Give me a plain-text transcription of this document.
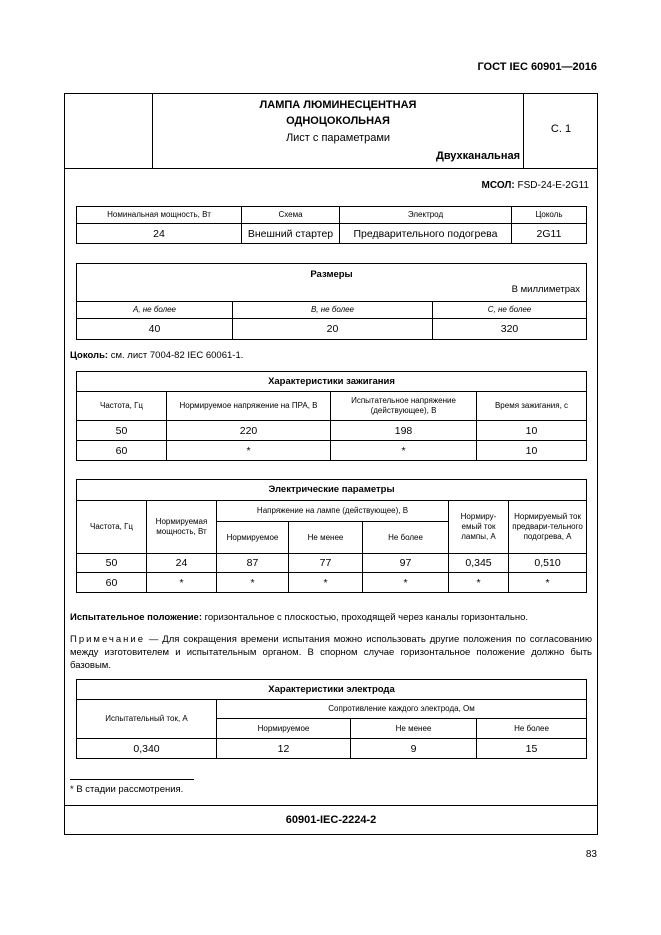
ГОСТ IEC 60901—2016
ЛАМПА ЛЮМИНЕСЦЕНТНАЯ
ОДНОЦОКОЛЬНАЯ
Лист с параметрами
Двухканальная
С. 1
МСОЛ: FSD-24-E-2G11
Номинальная мощность, Вт	Схема	Электрод	Цоколь
24	Внешний стартер	Предварительного подогрева	2G11
Размеры
В миллиметрах		

А, не более	В, не более	С, не более
40	20	320
Цоколь: см. лист 7004-82 IEC 60061-1.
Характеристики зажигания			
Частота, Гц	Нормируемое напряжение на ПРА, В	Испытательное напряжение (действующее), В	Время зажигания, с
50	220	198	10
60	*	*	10
Электрические параметры						
Частота, Гц	Нормируемая мощность, Вт	Напряжение на лампе (действующее), В			Нормиру-емый ток лампы, А	Нормируемый ток предвари-тельного подогрева, А
		Нормируемое	Не менее	Не более		
50	24	87	77	97	0,345	0,510
60	*	*	*	*	*	*
Испытательное положение: горизонтальное с плоскостью, проходящей через каналы горизонтально.
Примечание — Для сокращения времени испытания можно использовать другие положения по согласованию между изготовителем и испытательным органом. В спорном случае горизонтальное положение должно быть базовым.
Характеристики электрода			
Испытательный ток, А	Сопротивление каждого электрода, Ом		
	Нормируемое	Не менее	Не более
0,340	12	9	15
* В стадии рассмотрения.
60901-IEC-2224-2
83
